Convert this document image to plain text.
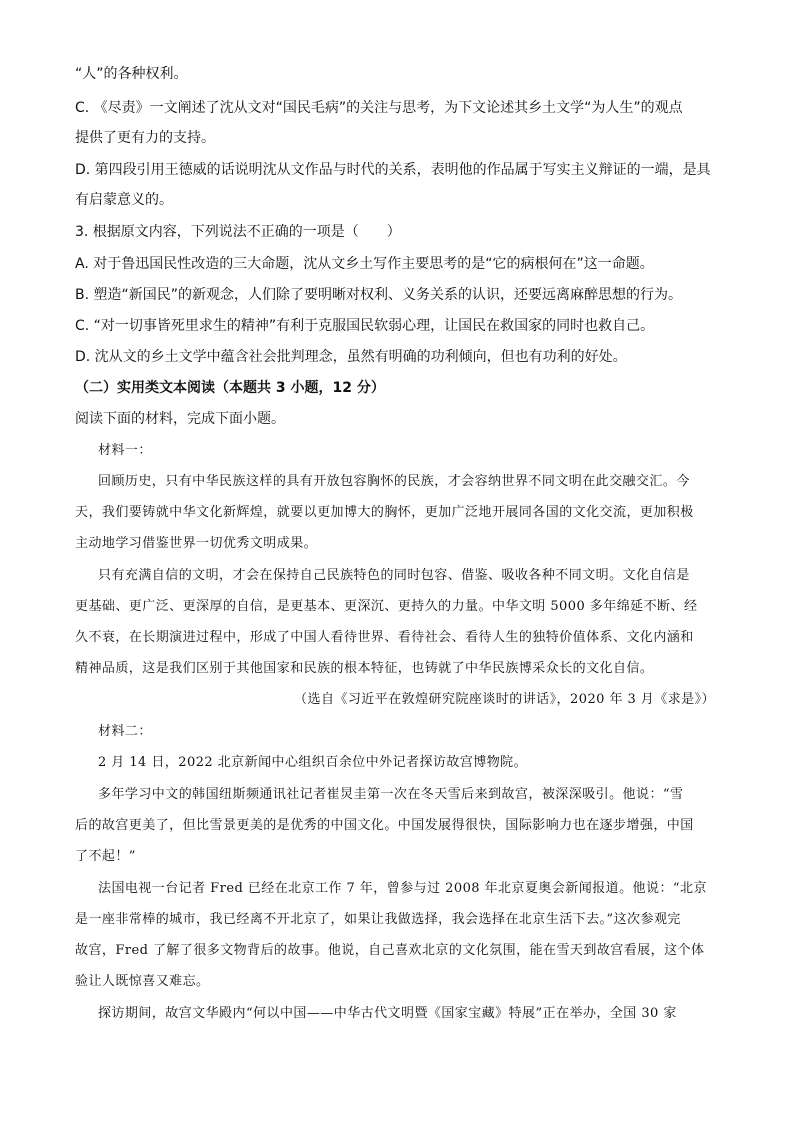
“人”的各种权利。
C. 《尽责》一文阐述了沈从文对“国民毛病”的关注与思考，为下文论述其乡土文学“为人生”的观点
提供了更有力的支持。
D. 第四段引用王德威的话说明沈从文作品与时代的关系，表明他的作品属于写实主义辩证的一端，是具
有启蒙意义的。
3. 根据原文内容，下列说法不正确的一项是（　　）
A. 对于鲁迅国民性改造的三大命题，沈从文乡土写作主要思考的是“它的病根何在”这一命题。
B. 塑造“新国民”的新观念，人们除了要明晰对权利、义务关系的认识，还要远离麻醉思想的行为。
C. “对一切事皆死里求生的精神”有利于克服国民软弱心理，让国民在救国家的同时也救自己。
D. 沈从文的乡土文学中蕴含社会批判理念，虽然有明确的功利倾向，但也有功利的好处。
（二）实用类文本阅读（本题共 3 小题，12 分）
阅读下面的材料，完成下面小题。
材料一：
回顾历史，只有中华民族这样的具有开放包容胸怀的民族，才会容纳世界不同文明在此交融交汇。今
天，我们要铸就中华文化新辉煌，就要以更加博大的胸怀，更加广泛地开展同各国的文化交流，更加积极
主动地学习借鉴世界一切优秀文明成果。
只有充满自信的文明，才会在保持自己民族特色的同时包容、借鉴、吸收各种不同文明。文化自信是
更基础、更广泛、更深厚的自信，是更基本、更深沉、更持久的力量。中华文明 5000 多年绵延不断、经
久不衰，在长期演进过程中，形成了中国人看待世界、看待社会、看待人生的独特价值体系、文化内涵和
精神品质，这是我们区别于其他国家和民族的根本特征，也铸就了中华民族博采众长的文化自信。
（选自《习近平在敦煌研究院座谈时的讲话》，2020 年 3 月《求是》）
材料二：
2 月 14 日，2022 北京新闻中心组织百余位中外记者探访故宫博物院。
多年学习中文的韩国纽斯频通讯社记者崔炅圭第一次在冬天雪后来到故宫，被深深吸引。他说：“雪
后的故宫更美了，但比雪景更美的是优秀的中国文化。中国发展得很快，国际影响力也在逐步增强，中国
了不起！”
法国电视一台记者 Fred 已经在北京工作 7 年，曾参与过 2008 年北京夏奥会新闻报道。他说：“北京
是一座非常棒的城市，我已经离不开北京了，如果让我做选择，我会选择在北京生活下去。”这次参观完
故宫，Fred 了解了很多文物背后的故事。他说，自己喜欢北京的文化氛围，能在雪天到故宫看展，这个体
验让人既惊喜又难忘。
探访期间，故宫文华殿内“何以中国——中华古代文明暨《国家宝藏》特展”正在举办，全国 30 家
